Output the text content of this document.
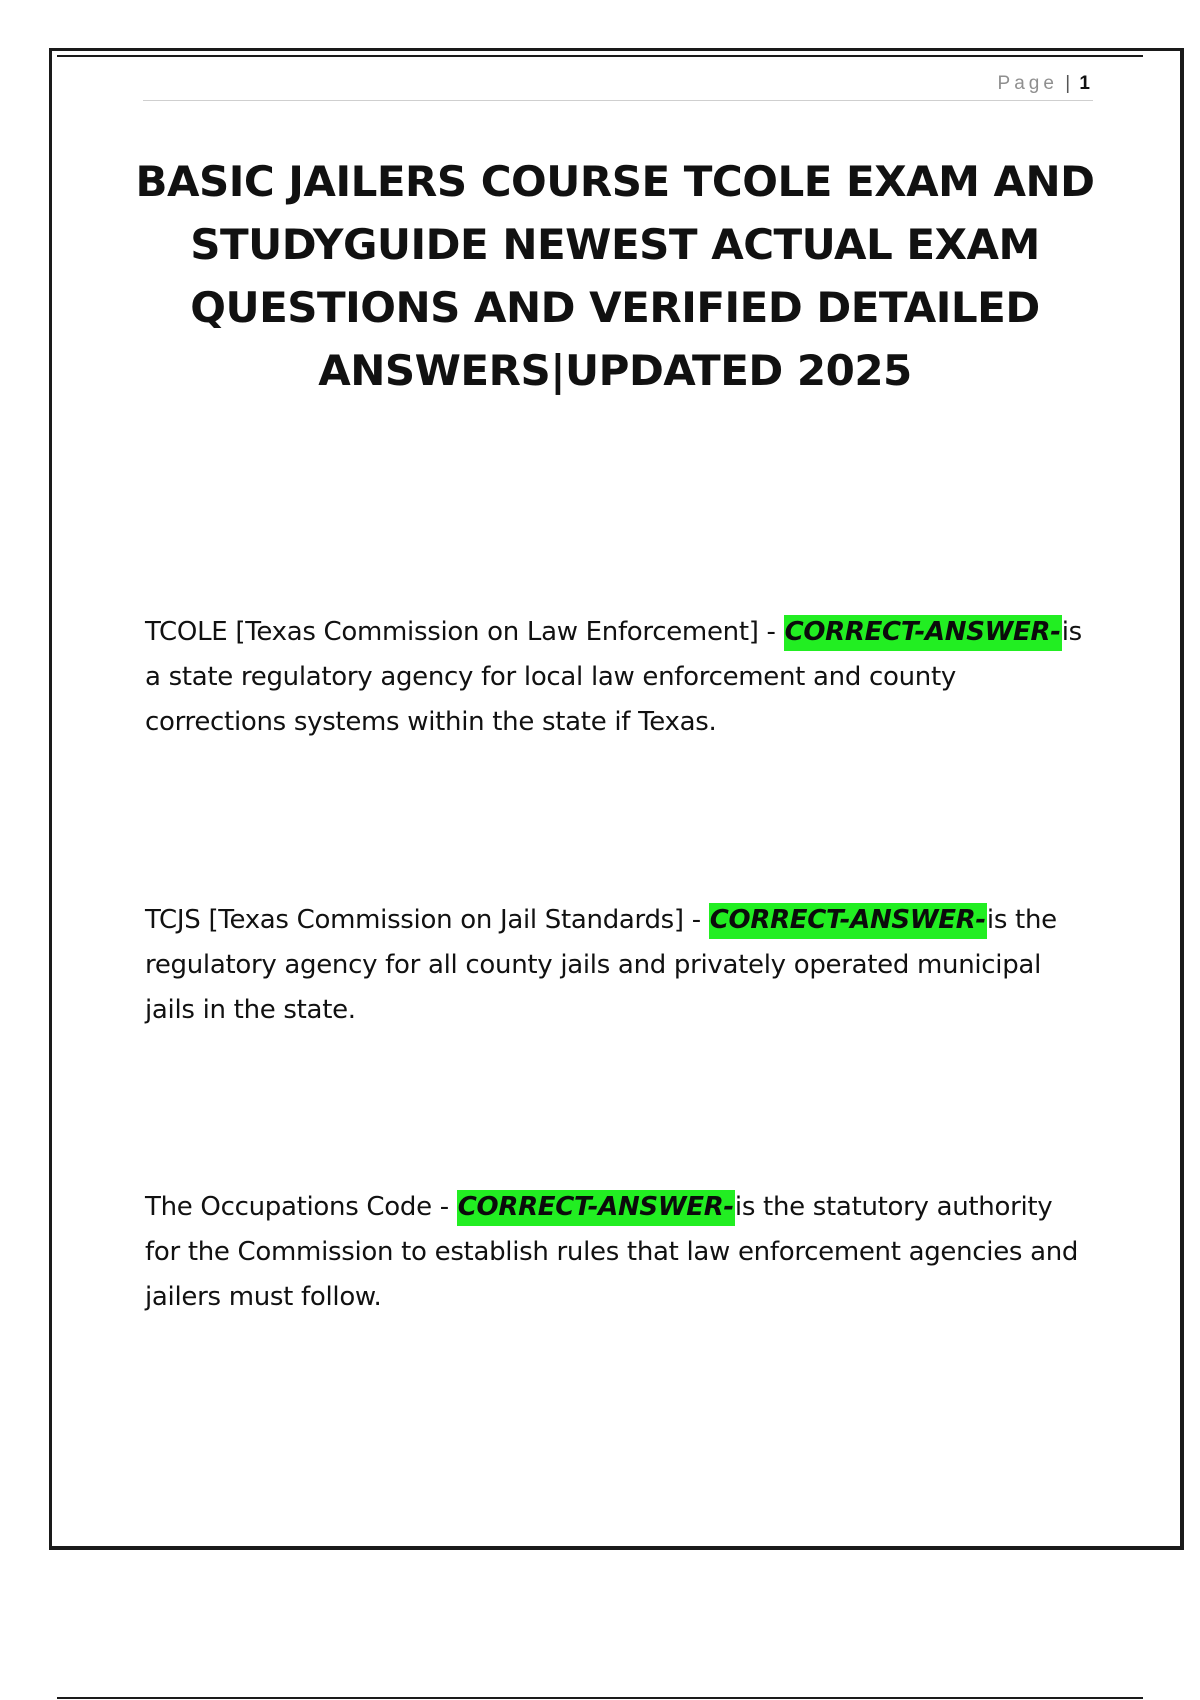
Page | 1
BASIC JAILERS COURSE TCOLE EXAM AND STUDYGUIDE NEWEST ACTUAL EXAM QUESTIONS AND VERIFIED DETAILED ANSWERS|UPDATED 2025

TCOLE [Texas Commission on Law Enforcement] - CORRECT-ANSWER-is a state regulatory agency for local law enforcement and county corrections systems within the state if Texas.

TCJS [Texas Commission on Jail Standards] - CORRECT-ANSWER-is the regulatory agency for all county jails and privately operated municipal jails in the state.

The Occupations Code - CORRECT-ANSWER-is the statutory authority for the Commission to establish rules that law enforcement agencies and jailers must follow.
